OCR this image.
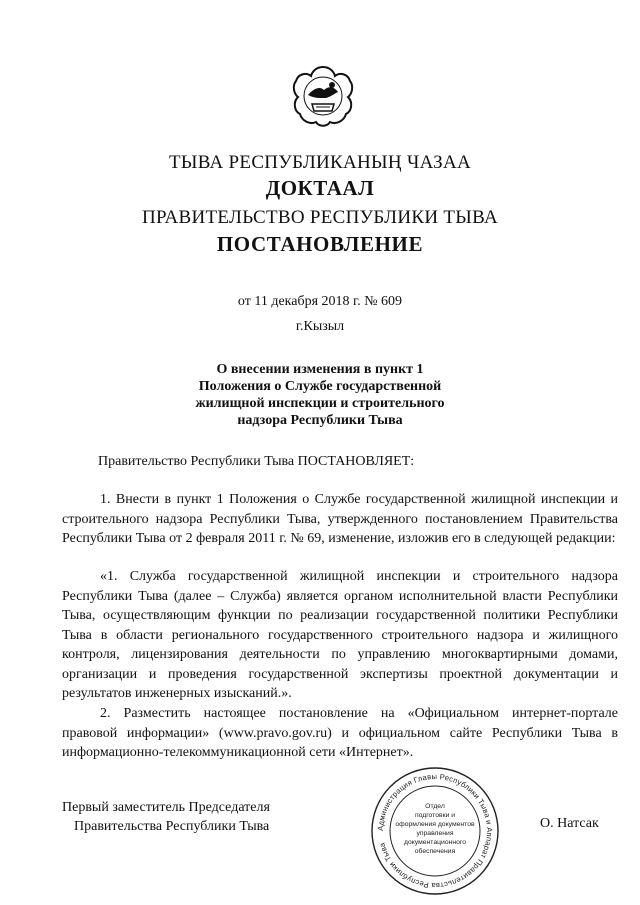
ТЫВА РЕСПУБЛИКАНЫҢ ЧАЗАА
ДОКТААЛ
ПРАВИТЕЛЬСТВО РЕСПУБЛИКИ ТЫВА
ПОСТАНОВЛЕНИЕ
от 11 декабря 2018 г. № 609
г.Кызыл
О внесении изменения в пункт 1
Положения о Службе государственной
жилищной инспекции и строительного
надзора Республики Тыва
Правительство Республики Тыва ПОСТАНОВЛЯЕТ:
1. Внести в пункт 1 Положения о Службе государственной жилищной инспекции и строительного надзора Республики Тыва, утвержденного постановлением Правительства Республики Тыва от 2 февраля 2011 г. № 69, изменение, изложив его в следующей редакции:
«1. Служба государственной жилищной инспекции и строительного надзора Республики Тыва (далее – Служба) является органом исполнительной власти Республики Тыва, осуществляющим функции по реализации государственной политики Республики Тыва в области регионального государственного строительного надзора и жилищного контроля, лицензирования деятельности по управлению многоквартирными домами, организации и проведения государственной экспертизы проектной документации и результатов инженерных изысканий.».
2. Разместить настоящее постановление на «Официальном интернет-портале правовой информации» (www.pravo.gov.ru) и официальном сайте Республики Тыва в информационно-телекоммуникационной сети «Интернет».
Первый заместитель Председателя
Правительства Республики Тыва	Администрация Главы Республики Тыва и Аппарат Правительства Республики Тыва
Отдел
подготовки и
оформления документов
управления
документационного
обеспечения
О. Натсак
